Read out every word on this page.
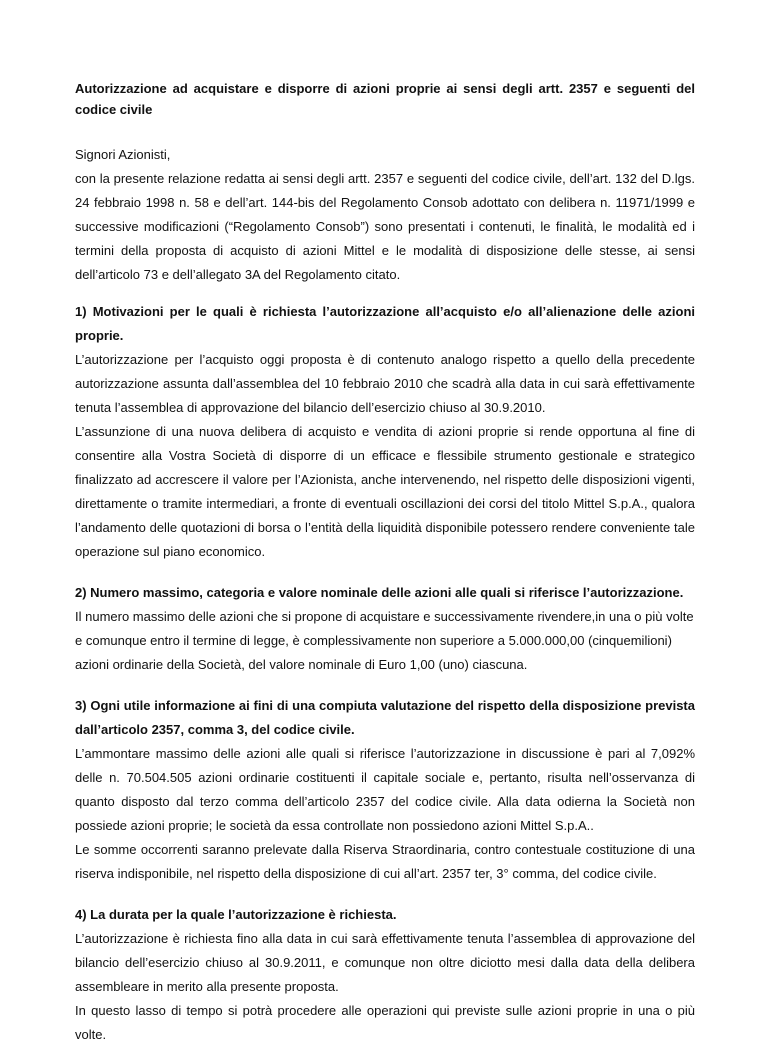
Autorizzazione ad acquistare e disporre di azioni proprie ai sensi degli artt. 2357 e seguenti del codice civile

Signori Azionisti,

con la presente relazione redatta ai sensi degli artt. 2357 e seguenti del codice civile, dell’art. 132 del D.lgs. 24 febbraio 1998 n. 58 e dell’art. 144-bis del Regolamento Consob adottato con delibera n. 11971/1999 e successive modificazioni (“Regolamento Consob”) sono presentati i contenuti, le finalità, le modalità ed i termini della proposta di acquisto di azioni Mittel e le modalità di disposizione delle stesse, ai sensi dell’articolo 73 e dell’allegato 3A del Regolamento citato.

1) Motivazioni per le quali è richiesta l’autorizzazione all’acquisto e/o all’alienazione delle azioni proprie.

L’autorizzazione per l’acquisto oggi proposta è di contenuto analogo rispetto a quello della precedente autorizzazione assunta dall’assemblea del 10 febbraio 2010 che scadrà alla data in cui sarà effettivamente tenuta l’assemblea di approvazione del bilancio dell’esercizio chiuso al 30.9.2010.

L’assunzione di una nuova delibera di acquisto e vendita di azioni proprie si rende opportuna al fine di consentire alla Vostra Società di disporre di un efficace e flessibile strumento gestionale e strategico finalizzato ad accrescere il valore per l’Azionista, anche intervenendo, nel rispetto delle disposizioni vigenti, direttamente o tramite intermediari, a fronte di eventuali oscillazioni dei corsi del titolo Mittel S.p.A., qualora l’andamento delle quotazioni di borsa o l’entità della liquidità disponibile potessero rendere conveniente tale operazione sul piano economico.

2) Numero massimo, categoria e valore nominale delle azioni alle quali si riferisce l’autorizzazione.

Il numero massimo delle azioni che si propone di acquistare e successivamente rivendere,in una o più volte

e comunque entro il termine di legge, è complessivamente non superiore a 5.000.000,00 (cinquemilioni)

azioni ordinarie della Società, del valore nominale di Euro 1,00 (uno) ciascuna.

3) Ogni utile informazione ai fini di una compiuta valutazione del rispetto della disposizione prevista dall’articolo 2357, comma 3, del codice civile.

L’ammontare massimo delle azioni alle quali si riferisce l’autorizzazione in discussione è pari al 7,092% delle n. 70.504.505 azioni ordinarie costituenti il capitale sociale e, pertanto, risulta nell’osservanza di quanto disposto dal terzo comma dell’articolo 2357 del codice civile. Alla data odierna la Società non possiede azioni proprie; le società da essa controllate non possiedono azioni Mittel S.p.A..

Le somme occorrenti saranno prelevate dalla Riserva Straordinaria, contro contestuale costituzione di una riserva indisponibile, nel rispetto della disposizione di cui all’art. 2357 ter, 3° comma, del codice civile.

4) La durata per la quale l’autorizzazione è richiesta.

L’autorizzazione è richiesta fino alla data in cui sarà effettivamente tenuta l’assemblea di approvazione del bilancio dell’esercizio chiuso al 30.9.2011, e comunque non oltre diciotto mesi dalla data della delibera assembleare in merito alla presente proposta.

In questo lasso di tempo si potrà procedere alle operazioni qui previste sulle azioni proprie in una o più volte.
